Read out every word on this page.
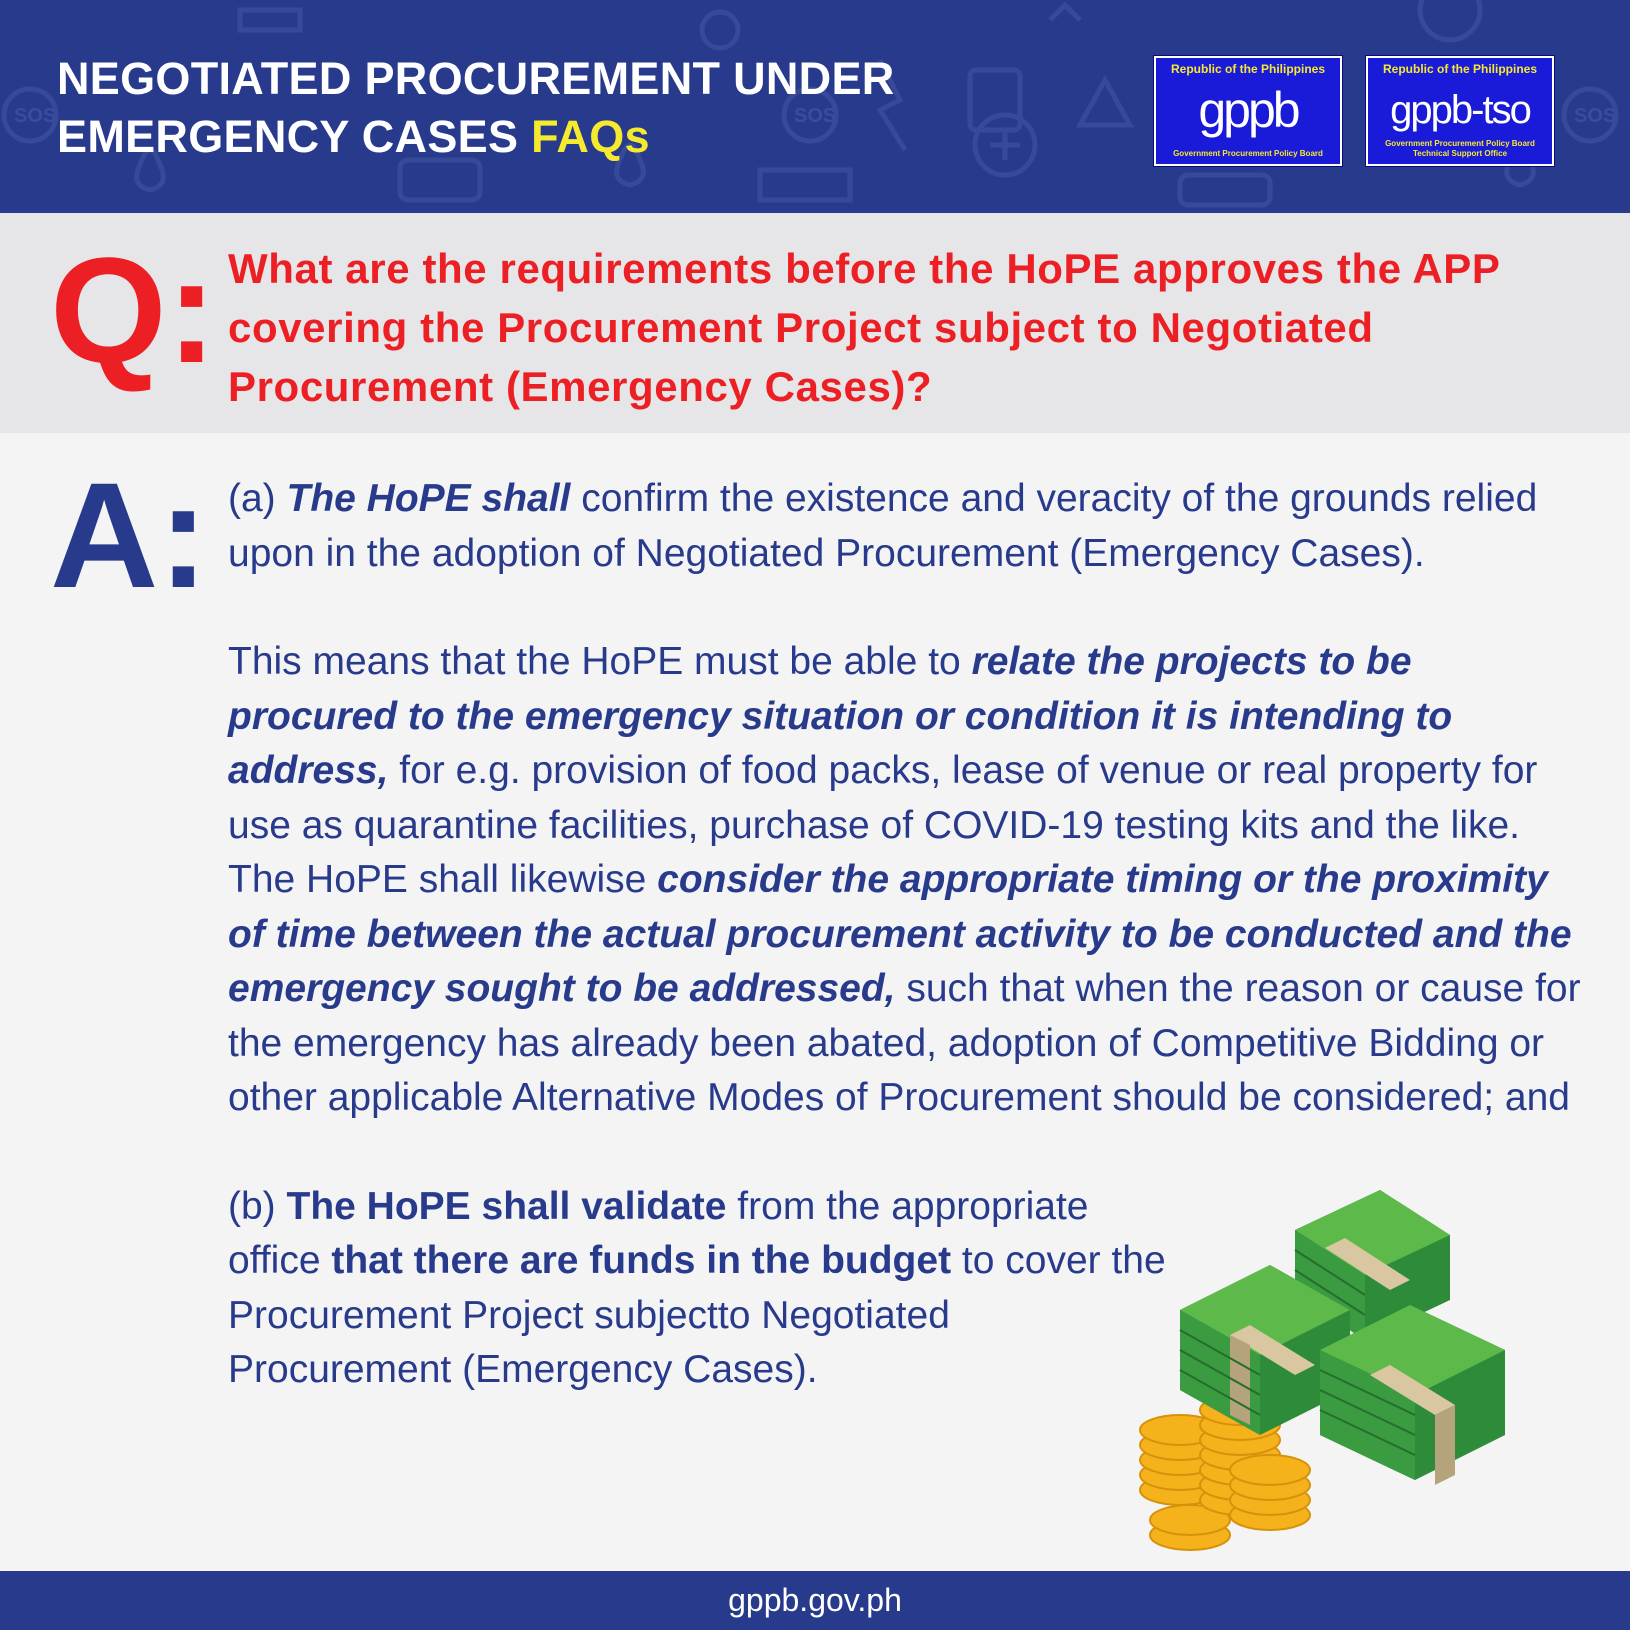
SOS	SOS	SOS
NEGOTIATED PROCUREMENT UNDER
EMERGENCY CASES FAQs
Republic of the Philippines
gppb
Government Procurement Policy Board
Republic of the Philippines
gppb-tso
Government Procurement Policy Board
Technical Support Office
Q: What are the requirements before the HoPE approves the APP covering the Procurement Project subject to Negotiated Procurement (Emergency Cases)?
A: (a) The HoPE shall confirm the existence and veracity of the grounds relied upon in the adoption of Negotiated Procurement (Emergency Cases).

This means that the HoPE must be able to relate the projects to be procured to the emergency situation or condition it is intending to address, for e.g. provision of food packs, lease of venue or real property for use as quarantine facilities, purchase of COVID-19 testing kits and the like. The HoPE shall likewise consider the appropriate timing or the proximity of time between the actual procurement activity to be conducted and the emergency sought to be addressed, such that when the reason or cause for the emergency has already been abated, adoption of Competitive Bidding or other applicable Alternative Modes of Procurement should be considered; and

(b) The HoPE shall validate from the appropriate office that there are funds in the budget to cover the Procurement Project subjectto Negotiated Procurement (Emergency Cases).

gppb.gov.ph
